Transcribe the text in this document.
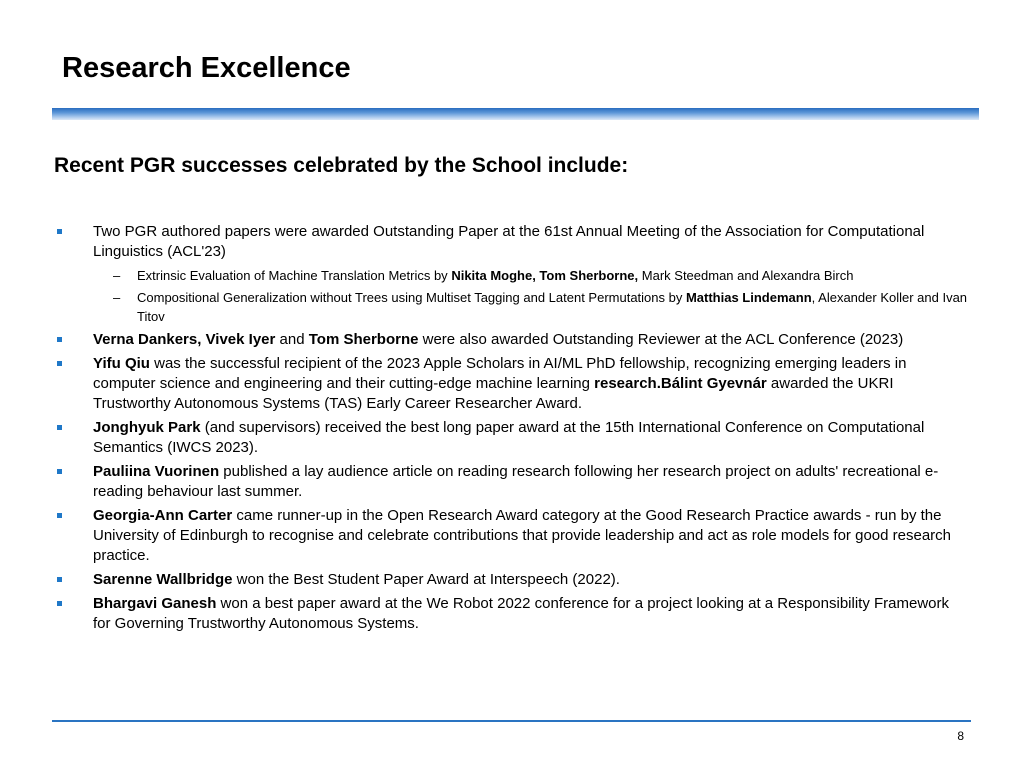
Research Excellence
Recent PGR successes celebrated by the School include:
Two PGR authored papers were awarded Outstanding Paper at the 61st Annual Meeting of the Association for Computational Linguistics (ACL'23)
– Extrinsic Evaluation of Machine Translation Metrics by Nikita Moghe, Tom Sherborne, Mark Steedman and Alexandra Birch
– Compositional Generalization without Trees using Multiset Tagging and Latent Permutations by Matthias Lindemann, Alexander Koller and Ivan Titov
Verna Dankers, Vivek Iyer and Tom Sherborne were also awarded Outstanding Reviewer at the ACL Conference (2023)
Yifu Qiu was the successful recipient of the 2023 Apple Scholars in AI/ML PhD fellowship, recognizing emerging leaders in computer science and engineering and their cutting-edge machine learning research.Bálint Gyevnár awarded the UKRI Trustworthy Autonomous Systems (TAS) Early Career Researcher Award.
Jonghyuk Park (and supervisors) received the best long paper award at the 15th International Conference on Computational Semantics (IWCS 2023).
Pauliina Vuorinen published a lay audience article on reading research following her research project on adults' recreational e-reading behaviour last summer.
Georgia-Ann Carter came runner-up in the Open Research Award category at the Good Research Practice awards - run by the University of Edinburgh to recognise and celebrate contributions that provide leadership and act as role models for good research practice.
Sarenne Wallbridge won the Best Student Paper Award at Interspeech (2022).
Bhargavi Ganesh won a best paper award at the We Robot 2022 conference for a project looking at a Responsibility Framework for Governing Trustworthy Autonomous Systems.
8
